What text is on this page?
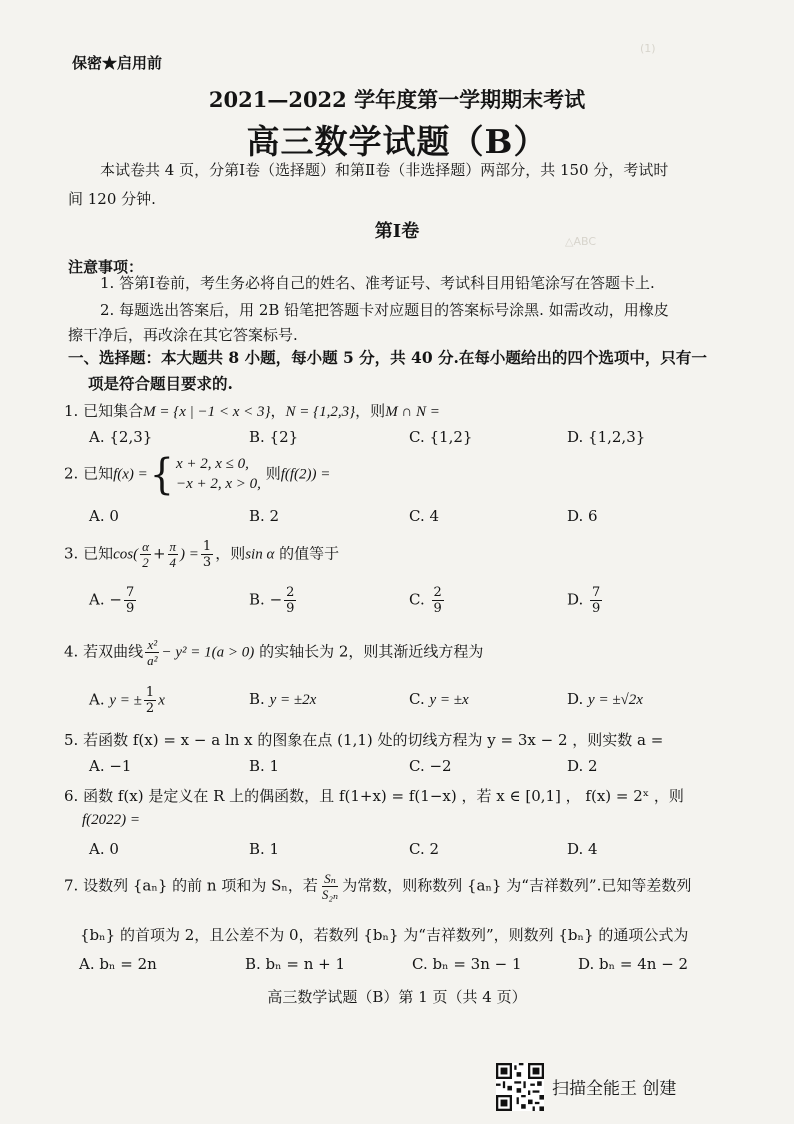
(1)
△ABC
保密★启用前
2021—2022 学年度第一学期期末考试
高三数学试题（B）
本试卷共 4 页，分第Ⅰ卷（选择题）和第Ⅱ卷（非选择题）两部分，共 150 分，考试时
间 120 分钟.
第Ⅰ卷
注意事项：
1. 答第Ⅰ卷前，考生务必将自己的姓名、准考证号、考试科目用铅笔涂写在答题卡上.
2. 每题选出答案后，用 2B 铅笔把答题卡对应题目的答案标号涂黑. 如需改动，用橡皮
擦干净后，再改涂在其它答案标号.
一、选择题：本大题共 8 小题，每小题 5 分，共 40 分.在每小题给出的四个选项中，只有一
项是符合题目要求的.
1. 已知集合M = {x | −1 < x < 3}，N = {1,2,3}，则M ∩ N =
A. {2,3}	B. {2}	C. {1,2}	D. {1,2,3}
2. 已知f(x) ={ x + 2, x ≤ 0,
−x + 2, x > 0,
则f(f(2)) =
A. 0	B. 2	C. 4	D. 6
3. 已知$\cos( \frac{\alpha}{2} + \frac{\pi}{4}$ ) = $\frac{1}{3}$ ，则sin α 的值等于
A. − $\frac{7}{9}$	B. − $\frac{2}{9}$	C. $\frac{2}{9}$	D. $\frac{7}{9}$
4. 若双曲线 $\frac{\text{x²}}{\text{a²}} - y^2 = 1(a > 0)$ 的实轴长为 2，则其渐近线方程为
A. y = ± $\frac{1}{2}$ x	B. y = ±2x	C. y = ±x	D. y = ±√2x
5. 若函数 f(x) = x − a ln x 的图象在点 (1,1) 处的切线方程为 y = 3x − 2 ，则实数 a =
A. −1	B. 1	C. −2	D. 2
6. 函数 f(x) 是定义在 R 上的偶函数，且 f(1+x) = f(1−x) ，若 x ∈ [0,1] ， f(x) = 2ˣ ，则
f(2022) =
A. 0	B. 1	C. 2	D. 4
7. 设数列 {aₙ} 的前 n 项和为 Sₙ，若 $\frac{\text{Sₙ}}{\text{S₂ₙ}}$ 为常数，则称数列 {aₙ} 为“吉祥数列”.已知等差数列
{bₙ} 的首项为 2，且公差不为 0，若数列 {bₙ} 为“吉祥数列”，则数列 {bₙ} 的通项公式为
A. bₙ = 2n	B. bₙ = n + 1	C. bₙ = 3n − 1	D. bₙ = 4n − 2
高三数学试题（B）第 1 页（共 4 页）
扫描全能王 创建
